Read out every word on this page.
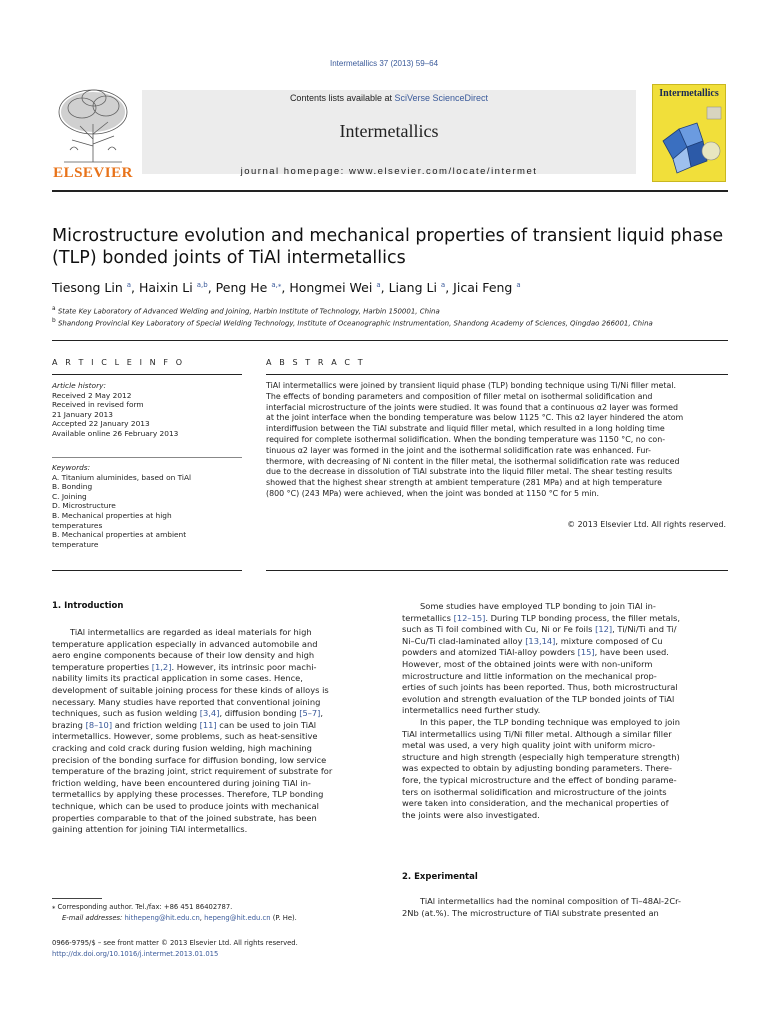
Intermetallics 37 (2013) 59–64
ELSEVIER
Contents lists available at SciVerse ScienceDirect
Intermetallics
journal homepage: www.elsevier.com/locate/intermet
Intermetallics
Microstructure evolution and mechanical properties of transient liquid phase
(TLP) bonded joints of TiAl intermetallics
Tiesong Lin $^a$, Haixin Li $^{a,b}$, Peng He $^{a,⁎}$, Hongmei Wei $^a$, Liang Li $^a$, Jicai Feng $^a$
$^a$ State Key Laboratory of Advanced Welding and Joining, Harbin Institute of Technology, Harbin 150001, China
$^b$ Shandong Provincial Key Laboratory of Special Welding Technology, Institute of Oceanographic Instrumentation, Shandong Academy of Sciences, Qingdao 266001, China
A R T I C L E I N F O	A B S T R A C T
Article history:
Received 2 May 2012
Received in revised form
21 January 2013
Accepted 22 January 2013
Available online 26 February 2013
Keywords:
A. Titanium aluminides, based on TiAl
B. Bonding
C. Joining
D. Microstructure
B. Mechanical properties at high
temperatures
B. Mechanical properties at ambient
temperature
TiAl intermetallics were joined by transient liquid phase (TLP) bonding technique using Ti/Ni filler metal.
The effects of bonding parameters and composition of filler metal on isothermal solidification and
interfacial microstructure of the joints were studied. It was found that a continuous α2 layer was formed
at the joint interface when the bonding temperature was below 1125 °C. This α2 layer hindered the atom
interdiffusion between the TiAl substrate and liquid filler metal, which resulted in a long holding time
required for complete isothermal solidification. When the bonding temperature was 1150 °C, no con-
tinuous α2 layer was formed in the joint and the isothermal solidification rate was enhanced. Fur-
thermore, with decreasing of Ni content in the filler metal, the isothermal solidification rate was reduced
due to the decrease in dissolution of TiAl substrate into the liquid filler metal. The shear testing results
showed that the highest shear strength at ambient temperature (281 MPa) and at high temperature
(800 °C) (243 MPa) were achieved, when the joint was bonded at 1150 °C for 5 min.
© 2013 Elsevier Ltd. All rights reserved.
1. Introduction
TiAl intermetallics are regarded as ideal materials for high
temperature application especially in advanced automobile and
aero engine components because of their low density and high
temperature properties [1,2]. However, its intrinsic poor machi-
nability limits its practical application in some cases. Hence,
development of suitable joining process for these kinds of alloys is
necessary. Many studies have reported that conventional joining
techniques, such as fusion welding [3,4], diffusion bonding [5–7],
brazing [8–10] and friction welding [11] can be used to join TiAl
intermetallics. However, some problems, such as heat-sensitive
cracking and cold crack during fusion welding, high machining
precision of the bonding surface for diffusion bonding, low service
temperature of the brazing joint, strict requirement of substrate for
friction welding, have been encountered during joining TiAl in-
termetallics by applying these processes. Therefore, TLP bonding
technique, which can be used to produce joints with mechanical
properties comparable to that of the joined substrate, has been
gaining attention for joining TiAl intermetallics.
Some studies have employed TLP bonding to join TiAl in-
termetallics [12–15]. During TLP bonding process, the filler metals,
such as Ti foil combined with Cu, Ni or Fe foils [12], Ti/Ni/Ti and Ti/
Ni–Cu/Ti clad-laminated alloy [13,14], mixture composed of Cu
powders and atomized TiAl-alloy powders [15], have been used.
However, most of the obtained joints were with non-uniform
microstructure and little information on the mechanical prop-
erties of such joints has been reported. Thus, both microstructural
evolution and strength evaluation of the TLP bonded joints of TiAl
intermetallics need further study.
In this paper, the TLP bonding technique was employed to join
TiAl intermetallics using Ti/Ni filler metal. Although a similar filler
metal was used, a very high quality joint with uniform micro-
structure and high strength (especially high temperature strength)
was expected to obtain by adjusting bonding parameters. There-
fore, the typical microstructure and the effect of bonding parame-
ters on isothermal solidification and microstructure of the joints
were taken into consideration, and the mechanical properties of
the joints were also investigated.
2. Experimental
TiAl intermetallics had the nominal composition of Ti–48Al-2Cr-
2Nb (at.%). The microstructure of TiAl substrate presented an
⁎ Corresponding author. Tel./fax: +86 451 86402787.
E-mail addresses: hithepeng@hit.edu.cn, hepeng@hit.edu.cn (P. He).
0966-9795/$ – see front matter © 2013 Elsevier Ltd. All rights reserved.
http://dx.doi.org/10.1016/j.intermet.2013.01.015
